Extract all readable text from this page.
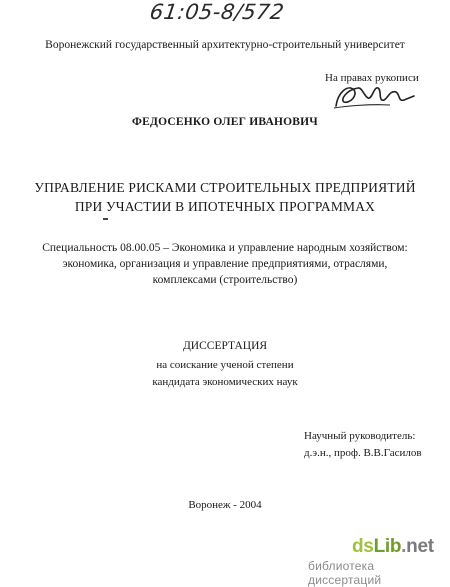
61:05-8/572
Воронежский государственный архитектурно-строительный университет
На правах рукописи
ФЕДОСЕНКО ОЛЕГ ИВАНОВИЧ
УПРАВЛЕНИЕ РИСКАМИ СТРОИТЕЛЬНЫХ ПРЕДПРИЯТИЙ
ПРИ УЧАСТИИ В ИПОТЕЧНЫХ ПРОГРАММАХ
Специальность 08.00.05 – Экономика и управление народным хозяйством:
экономика, организация и управление предприятиями, отраслями,
комплексами (строительство)
ДИССЕРТАЦИЯ
на соискание ученой степени
кандидата экономических наук
Научный руководитель:
д.э.н., проф. В.В.Гасилов
Воронеж - 2004
dsLib.net
библиотека диссертаций
